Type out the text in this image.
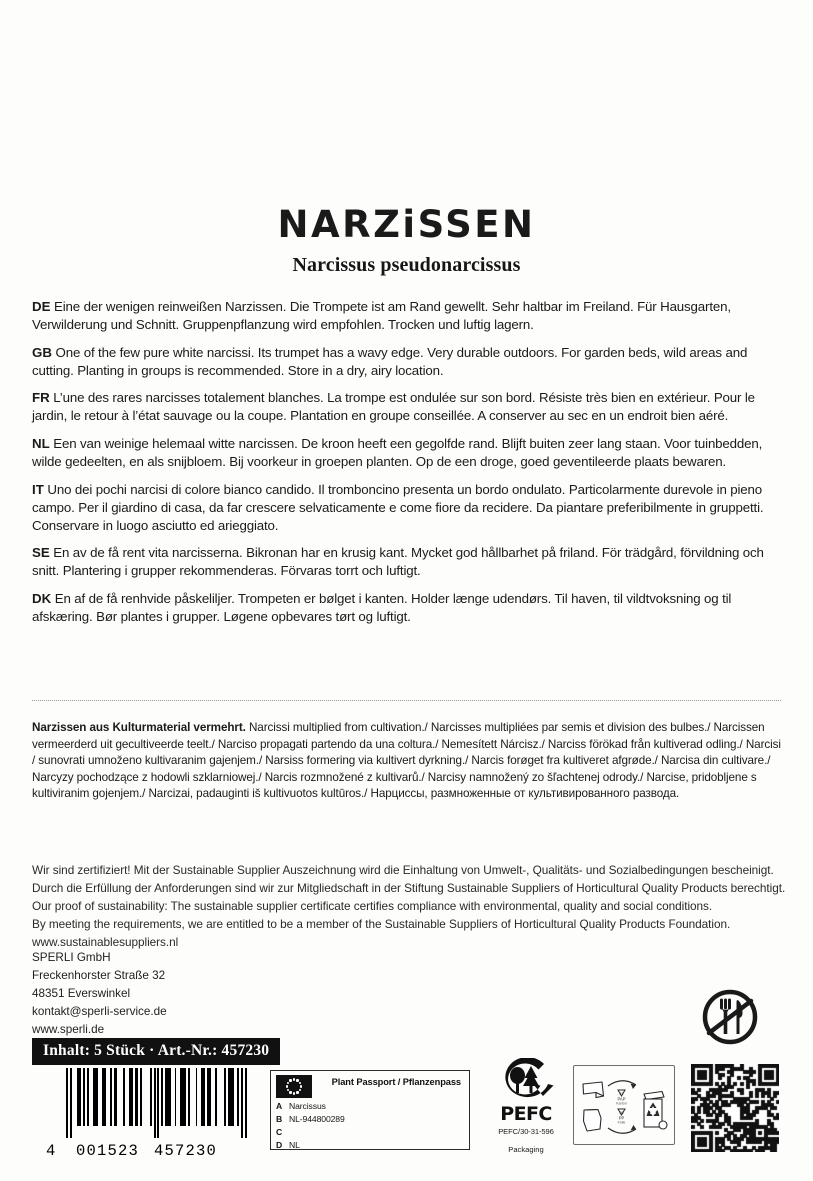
NARZiSSEN
Narcissus pseudonarcissus

DE Eine der wenigen reinweißen Narzissen. Die Trompete ist am Rand gewellt. Sehr haltbar im Freiland. Für Hausgarten, Verwilderung und Schnitt. Gruppenpflanzung wird empfohlen. Trocken und luftig lagern.

GB One of the few pure white narcissi. Its trumpet has a wavy edge. Very durable outdoors. For garden beds, wild areas and cutting. Planting in groups is recommended. Store in a dry, airy location.

FR L’une des rares narcisses totalement blanches. La trompe est ondulée sur son bord. Résiste très bien en extérieur. Pour le jardin, le retour à l’état sauvage ou la coupe. Plantation en groupe conseillée. A conserver au sec en un endroit bien aéré.

NL Een van weinige helemaal witte narcissen. De kroon heeft een gegolfde rand. Blijft buiten zeer lang staan. Voor tuinbedden, wilde gedeelten, en als snijbloem. Bij voorkeur in groepen planten. Op de een droge, goed geventileerde plaats bewaren.

IT Uno dei pochi narcisi di colore bianco candido. Il tromboncino presenta un bordo ondulato. Particolarmente durevole in pieno campo. Per il giardino di casa, da far crescere selvaticamente e come fiore da recidere. Da piantare preferibilmente in gruppetti. Conservare in luogo asciutto ed arieggiato.

SE En av de få rent vita narcisserna. Bikronan har en krusig kant. Mycket god hållbarhet på friland. För trädgård, förvildning och snitt. Plantering i grupper rekommenderas. Förvaras torrt och luftigt.

DK En af de få renhvide påskeliljer. Trompeten er bølget i kanten. Holder længe udendørs. Til haven, til vildtvoksning og til afskæring. Bør plantes i grupper. Løgene opbevares tørt og luftigt.

Narzissen aus Kulturmaterial vermehrt. Narcissi multiplied from cultivation./ Narcisses multipliées par semis et division des bulbes./ Narcissen vermeerderd uit gecultiveerde teelt./ Narciso propagati partendo da una coltura./ Nemesített Nárcisz./ Narciss förökad från kultiverad odling./ Narcisi / sunovrati umnoženo kultivaranim gajenjem./ Narsiss formering via kultivert dyrkning./ Narcis forøget fra kultiveret afgrøde./ Narcisa din cultivare./ Narcyzy pochodzące z hodowli szklarniowej./ Narcis rozmnožené z kultivarů./ Narcisy namnožený zo šľachtenej odrody./ Narcise, pridobljene s kultiviranim gojenjem./ Narcizai, padauginti iš kultivuotos kultūros./ Нарциссы, размноженные от культивированного разводa.

Wir sind zertifiziert! Mit der Sustainable Supplier Auszeichnung wird die Einhaltung von Umwelt-, Qualitäts- und Sozialbedingungen bescheinigt.
Durch die Erfüllung der Anforderungen sind wir zur Mitgliedschaft in der Stiftung Sustainable Suppliers of Horticultural Quality Products berechtigt.
Our proof of sustainability: The sustainable supplier certificate certifies compliance with environmental, quality and social conditions.
By meeting the requirements, we are entitled to be a member of the Sustainable Suppliers of Horticultural Quality Products Foundation.
www.sustainablesuppliers.nl
SPERLI GmbH
Freckenhorster Straße 32
48351 Everswinkel
kontakt@sperli-service.de
www.sperli.de
Inhalt: 5 Stück · Art.-Nr.: 457230
4 001523 457230
Plant Passport / Pflanzenpass
A Narcissus
B NL-944800289
C
D NL
PEFC
PEFC/30-31-596
Packaging
21
PAP
Karton
05
PP
Folie
